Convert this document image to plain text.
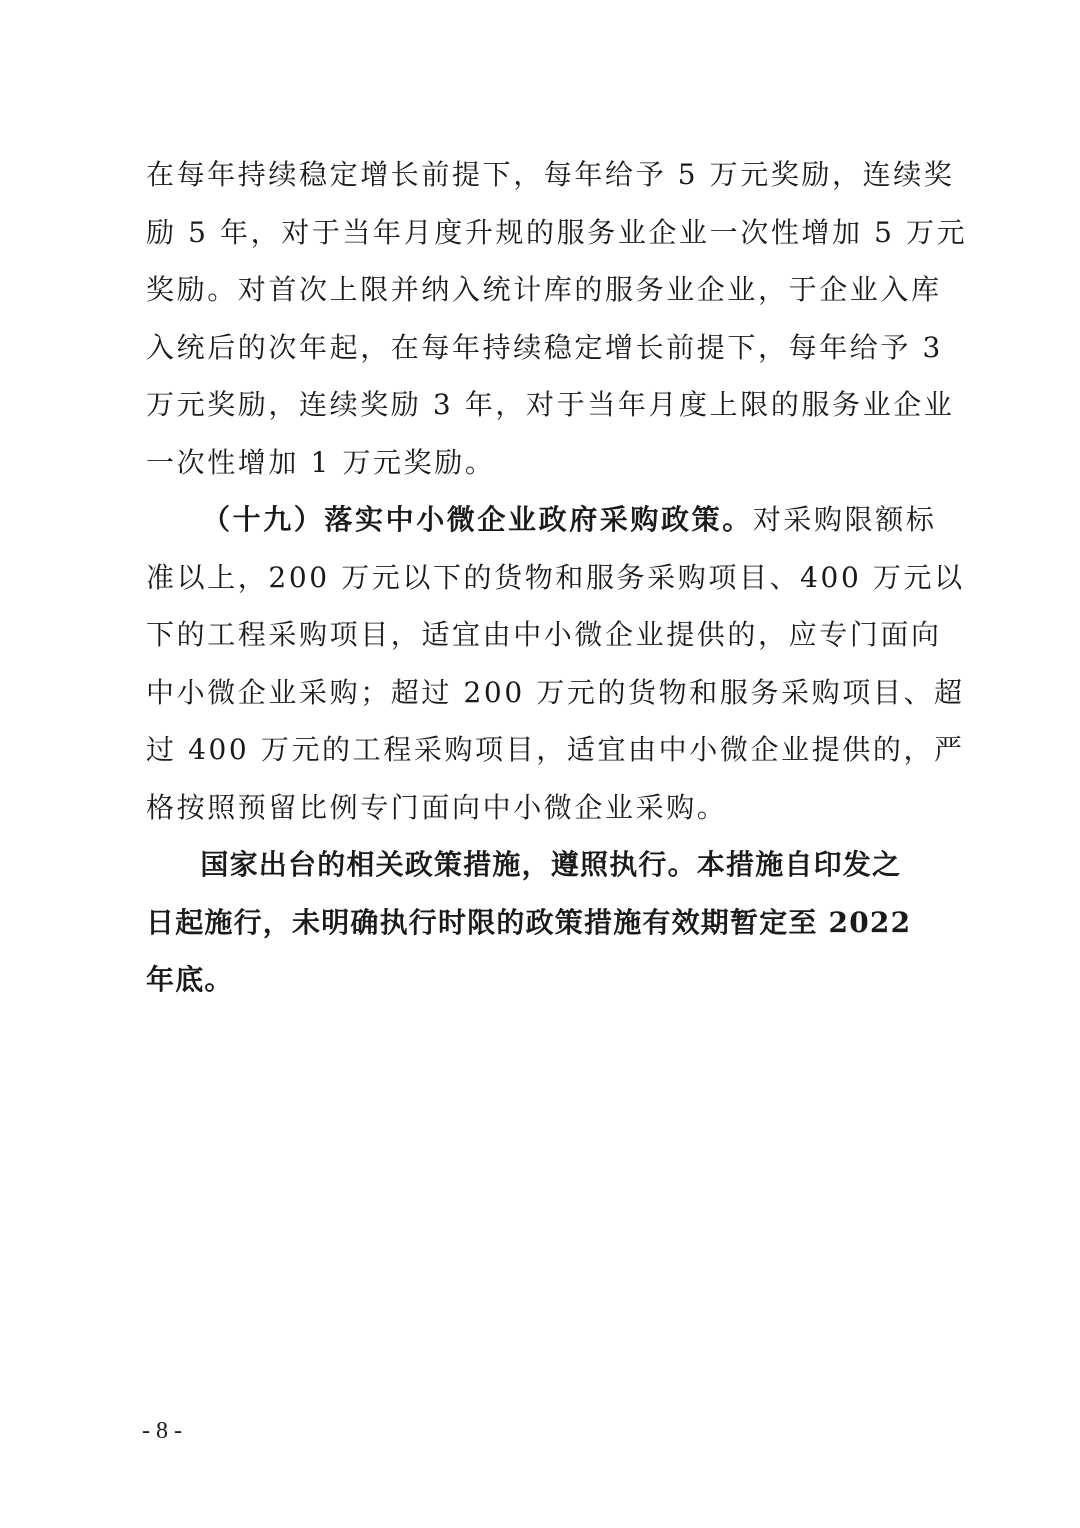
在每年持续稳定增长前提下，每年给予 5 万元奖励，连续奖
励 5 年，对于当年月度升规的服务业企业一次性增加 5 万元
奖励。对首次上限并纳入统计库的服务业企业，于企业入库
入统后的次年起，在每年持续稳定增长前提下，每年给予 3
万元奖励，连续奖励 3 年，对于当年月度上限的服务业企业
一次性增加 1 万元奖励。
（十九）落实中小微企业政府采购政策。对采购限额标
准以上，200 万元以下的货物和服务采购项目、400 万元以
下的工程采购项目，适宜由中小微企业提供的，应专门面向
中小微企业采购；超过 200 万元的货物和服务采购项目、超
过 400 万元的工程采购项目，适宜由中小微企业提供的，严
格按照预留比例专门面向中小微企业采购。
　　国家出台的相关政策措施，遵照执行。本措施自印发之
日起施行，未明确执行时限的政策措施有效期暂定至 2022
年底。
- 8 -
